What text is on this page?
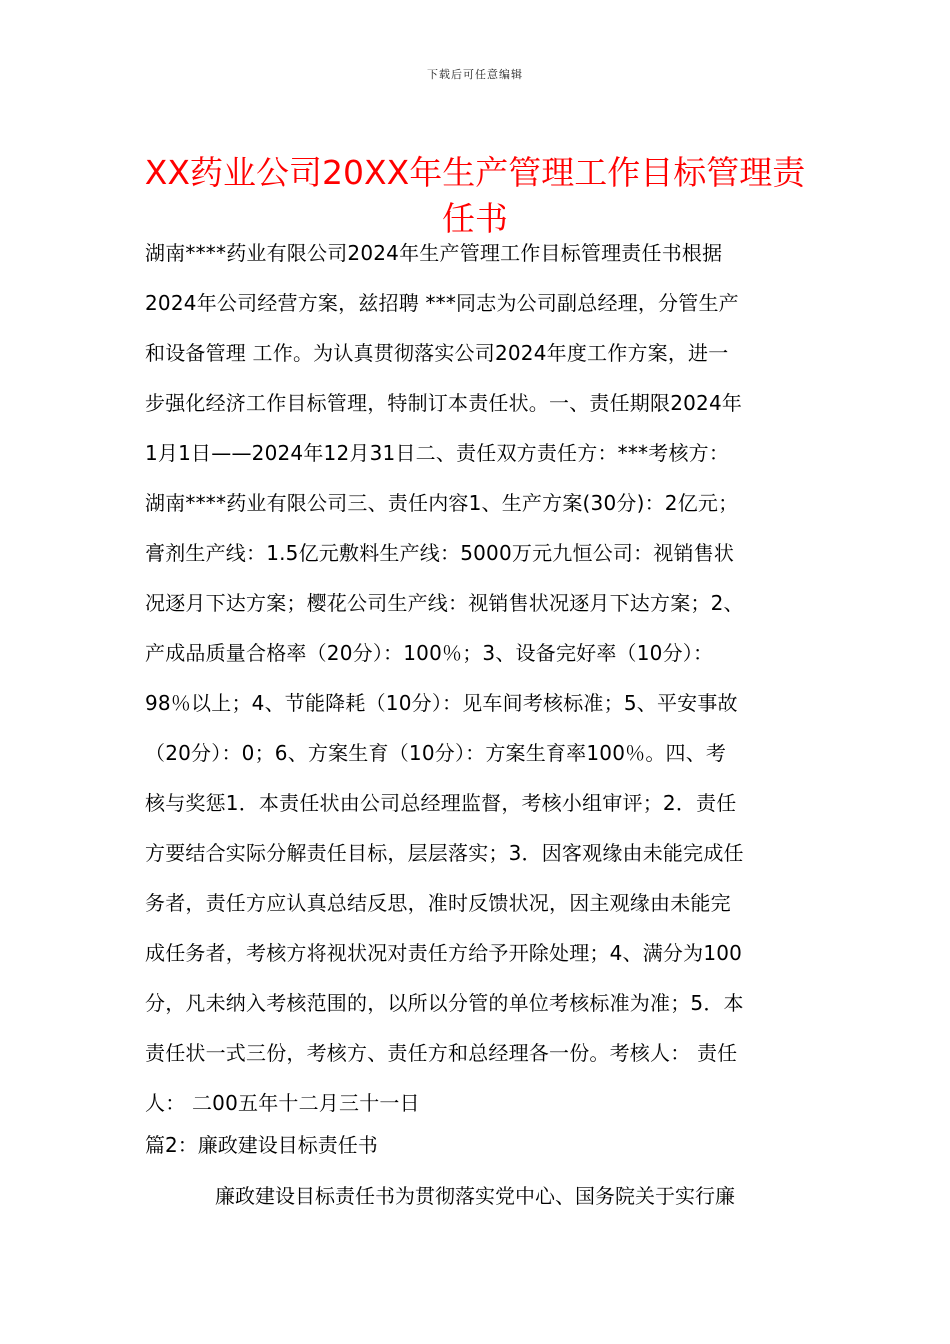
下载后可任意编辑
XX药业公司20XX年生产管理工作目标管理责任书
湖南****药业有限公司2024年生产管理工作目标管理责任书根据
2024年公司经营方案，兹招聘 ***同志为公司副总经理，分管生产
和设备管理 工作。为认真贯彻落实公司2024年度工作方案，进一
步强化经济工作目标管理，特制订本责任状。一、责任期限2024年
1月1日——2024年12月31日二、责任双方责任方：***考核方：
湖南****药业有限公司三、责任内容1、生产方案(30分)：2亿元；
膏剂生产线：1.5亿元敷料生产线：5000万元九恒公司：视销售状
况逐月下达方案；樱花公司生产线：视销售状况逐月下达方案；2、
产成品质量合格率（20分）：100％；3、设备完好率（10分）：
98％以上；4、节能降耗（10分）：见车间考核标准；5、平安事故
（20分）：0；6、方案生育（10分）：方案生育率100％。四、考
核与奖惩1．本责任状由公司总经理监督，考核小组审评；2．责任
方要结合实际分解责任目标，层层落实；3．因客观缘由未能完成任
务者，责任方应认真总结反思，准时反馈状况，因主观缘由未能完
成任务者，考核方将视状况对责任方给予开除处理；4、满分为100
分，凡未纳入考核范围的，以所以分管的单位考核标准为准；5．本
责任状一式三份，考核方、责任方和总经理各一份。考核人： 责任
人： 二00五年十二月三十一日
篇2：廉政建设目标责任书
廉政建设目标责任书为贯彻落实党中心、国务院关于实行廉
